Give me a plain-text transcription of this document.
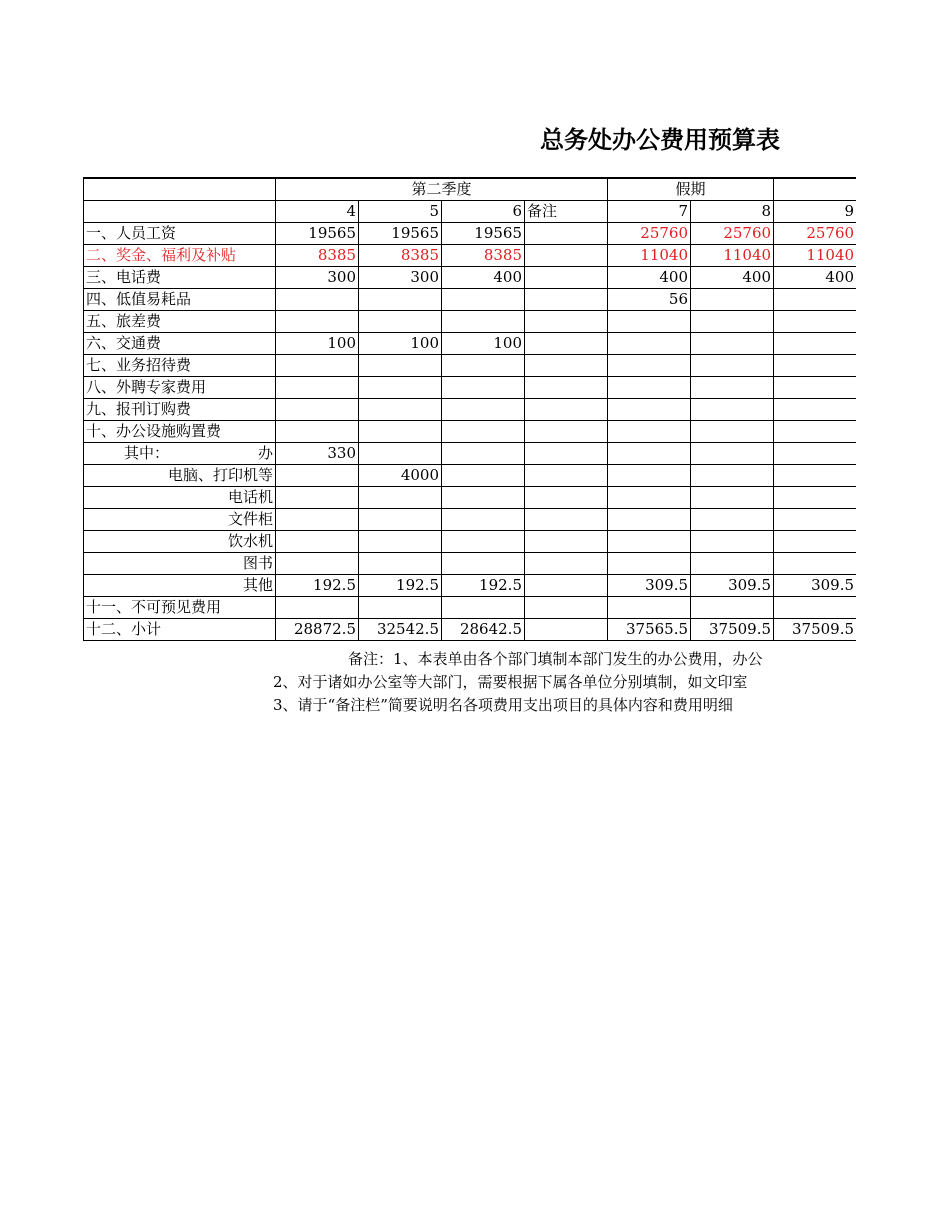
总务处办公费用预算表
	第二季度				假期			
	4	5	6	备注	7	8	9	
一、人员工资	19565	19565	19565		25760	25760	25760	
二、奖金、福利及补贴	8385	8385	8385		11040	11040	11040	
三、电话费	300	300	400		400	400	400	
四、低值易耗品					56			
五、旅差费								
六、交通费	100	100	100					
七、业务招待费								
八、外聘专家费用								
九、报刊订购费								
十、办公设施购置费								
其中： 办	330							
电脑、打印机等		4000						
电话机								
文件柜								
饮水机								
图书								
其他	192.5	192.5	192.5		309.5	309.5	309.5	
十一、不可预见费用								
十二、小计	28872.5	32542.5	28642.5		37565.5	37509.5	37509.5	
备注：1、本表单由各个部门填制本部门发生的办公费用，办公
2、对于诸如办公室等大部门，需要根据下属各单位分别填制，如文印室
3、请于“备注栏”简要说明名各项费用支出项目的具体内容和费用明细
